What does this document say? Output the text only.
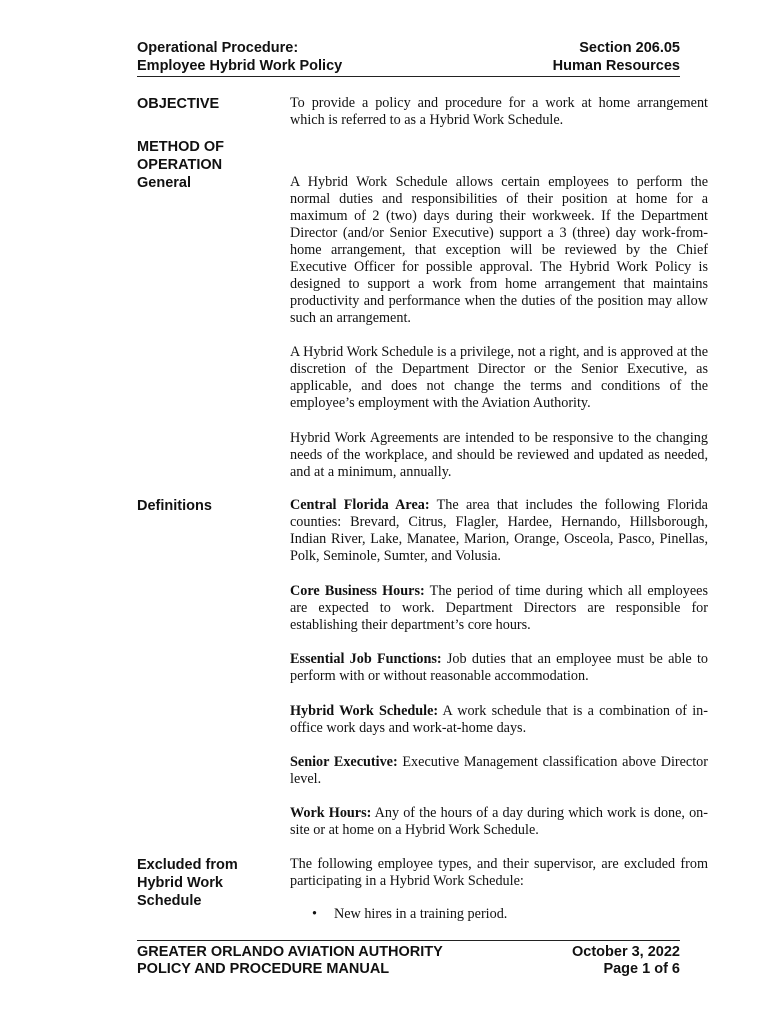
Operational Procedure:
Employee Hybrid Work Policy
Section 206.05
Human Resources
OBJECTIVE	To provide a policy and procedure for a work at home arrangement which is referred to as a Hybrid Work Schedule.
METHOD OF
OPERATION
General	A Hybrid Work Schedule allows certain employees to perform the normal duties and responsibilities of their position at home for a maximum of 2 (two) days during their workweek. If the Department Director (and/or Senior Executive) support a 3 (three) day work-from-home arrangement, that exception will be reviewed by the Chief Executive Officer for possible approval. The Hybrid Work Policy is designed to support a work from home arrangement that maintains productivity and performance when the duties of the position may allow such an arrangement.
A Hybrid Work Schedule is a privilege, not a right, and is approved at the discretion of the Department Director or the Senior Executive, as applicable, and does not change the terms and conditions of the employee’s employment with the Aviation Authority.
Hybrid Work Agreements are intended to be responsive to the changing needs of the workplace, and should be reviewed and updated as needed, and at a minimum, annually.
Definitions	Central Florida Area: The area that includes the following Florida counties: Brevard, Citrus, Flagler, Hardee, Hernando, Hillsborough, Indian River, Lake, Manatee, Marion, Orange, Osceola, Pasco, Pinellas, Polk, Seminole, Sumter, and Volusia.
Core Business Hours: The period of time during which all employees are expected to work. Department Directors are responsible for establishing their department’s core hours.
Essential Job Functions: Job duties that an employee must be able to perform with or without reasonable accommodation.
Hybrid Work Schedule: A work schedule that is a combination of in-office work days and work-at-home days.
Senior Executive: Executive Management classification above Director level.
Work Hours: Any of the hours of a day during which work is done, on-site or at home on a Hybrid Work Schedule.
Excluded from
Hybrid Work
Schedule
The following employee types, and their supervisor, are excluded from participating in a Hybrid Work Schedule:
• New hires in a training period.
GREATER ORLANDO AVIATION AUTHORITY
POLICY AND PROCEDURE MANUAL
October 3, 2022
Page 1 of 6
